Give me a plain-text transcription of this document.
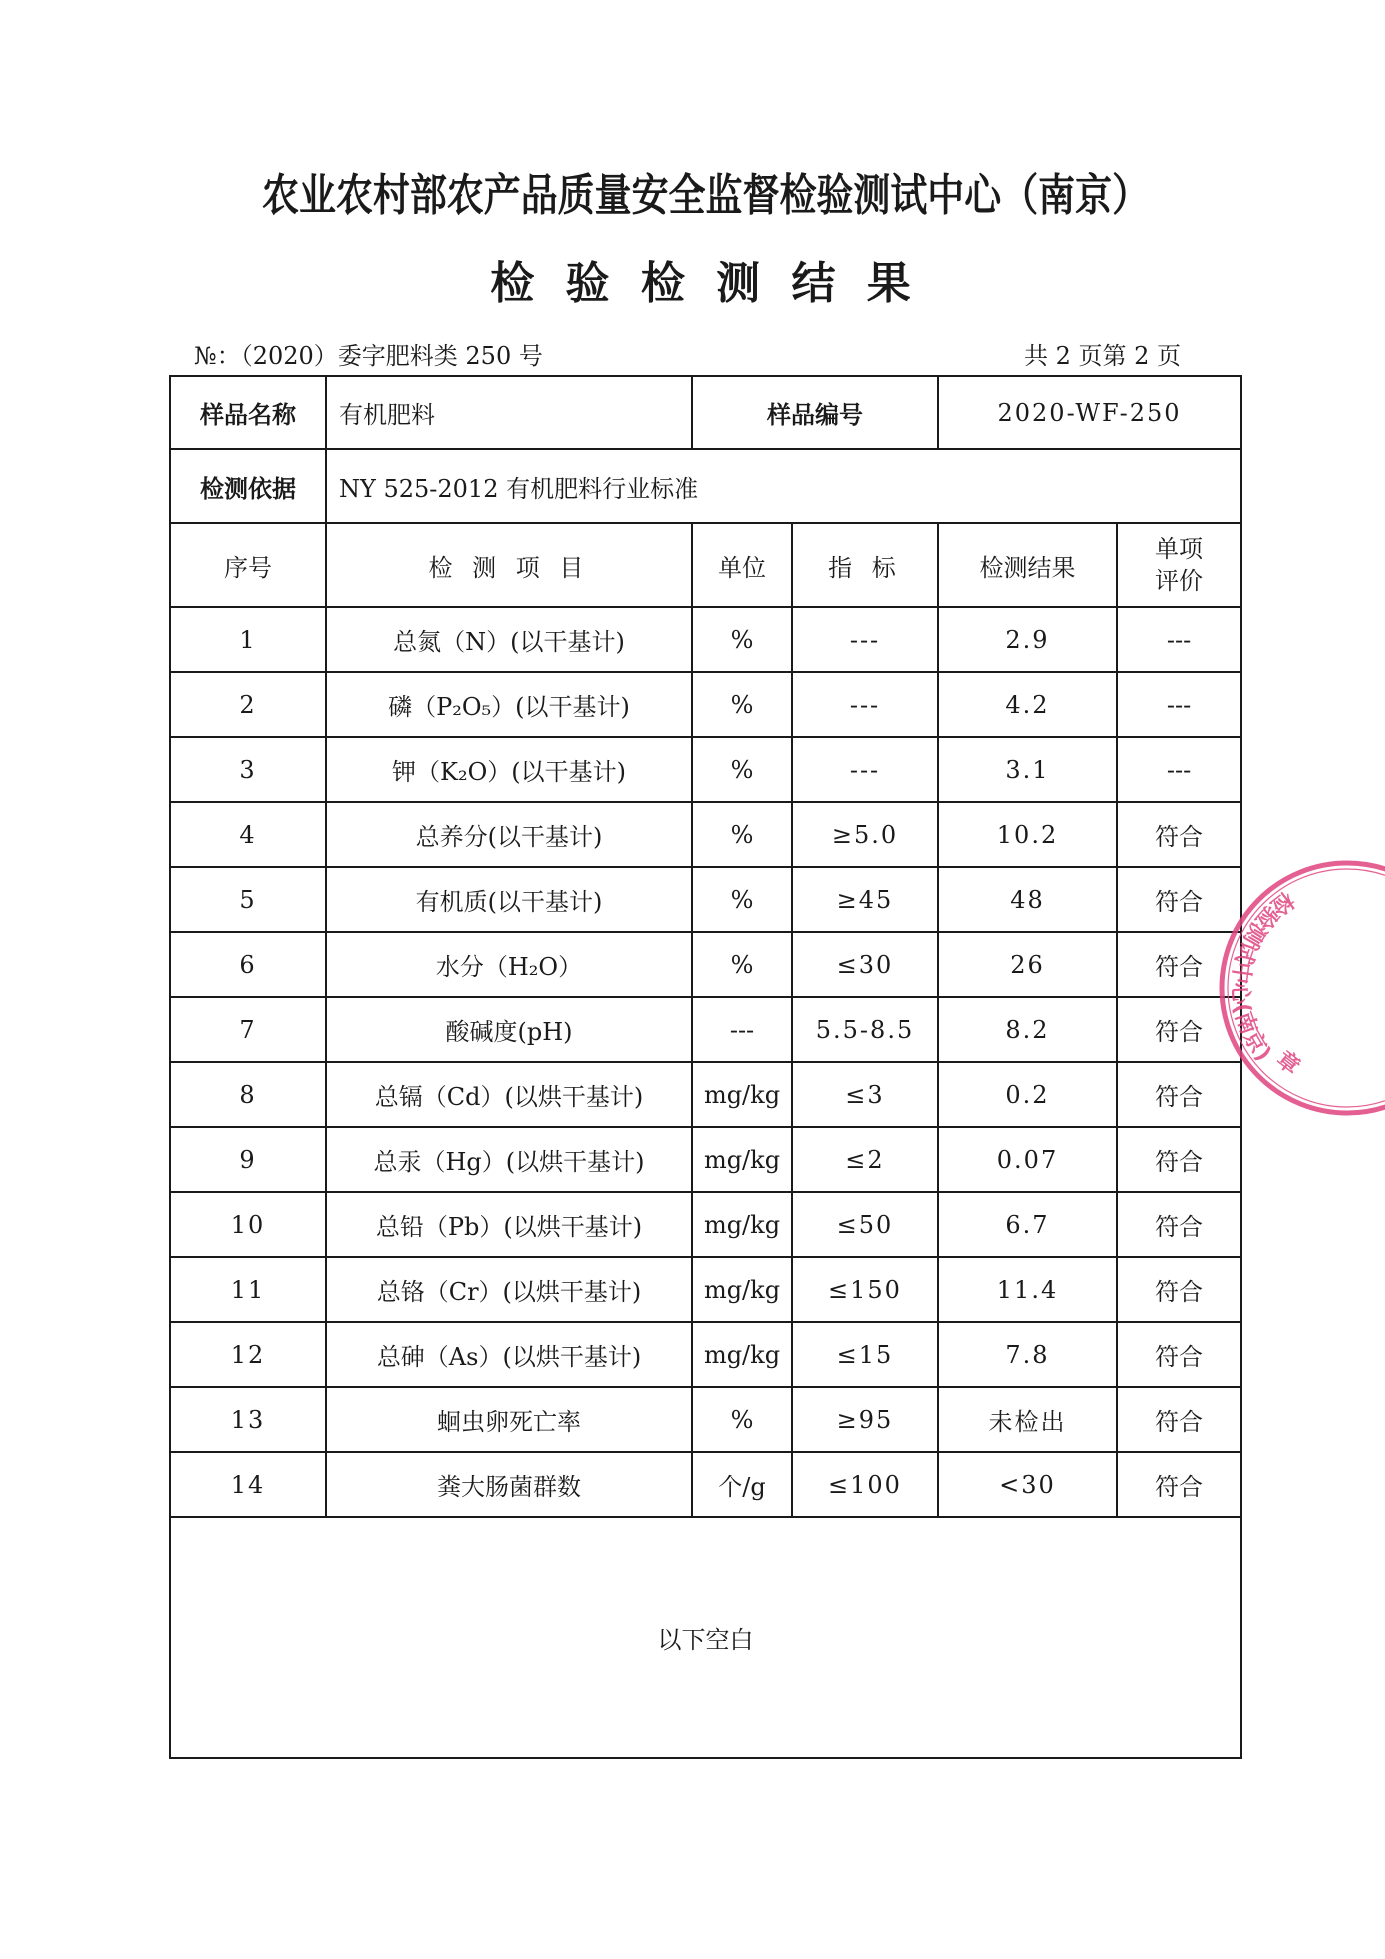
农业农村部农产品质量安全监督检验测试中心（南京）
检 验 检 测 结 果
№：（2020）委字肥料类 250 号	共 2 页第 2 页
样品名称	有机肥料	样品编号		2020-WF-250	
检测依据	NY 525-2012 有机肥料行业标准				
序号	检 测 项 目	单位	指 标	检测结果	单项评价
1	总氮（N）(以干基计)	%	---	2.9	---
2	磷（P₂O₅）(以干基计)	%	---	4.2	---
3	钾（K₂O）(以干基计)	%	---	3.1	---
4	总养分(以干基计)	%	≥5.0	10.2	符合
5	有机质(以干基计)	%	≥45	48	符合
6	水分（H₂O）	%	≤30	26	符合
7	酸碱度(pH)	---	5.5-8.5	8.2	符合
8	总镉（Cd）(以烘干基计)	mg/kg	≤3	0.2	符合
9	总汞（Hg）(以烘干基计)	mg/kg	≤2	0.07	符合
10	总铅（Pb）(以烘干基计)	mg/kg	≤50	6.7	符合
11	总铬（Cr）(以烘干基计)	mg/kg	≤150	11.4	符合
12	总砷（As）(以烘干基计)	mg/kg	≤15	7.8	符合
13	蛔虫卵死亡率	%	≥95	未检出	符合
14	粪大肠菌群数	个/g	≤100	<30	符合
以下空白					
检验测试中心(南京)
章
